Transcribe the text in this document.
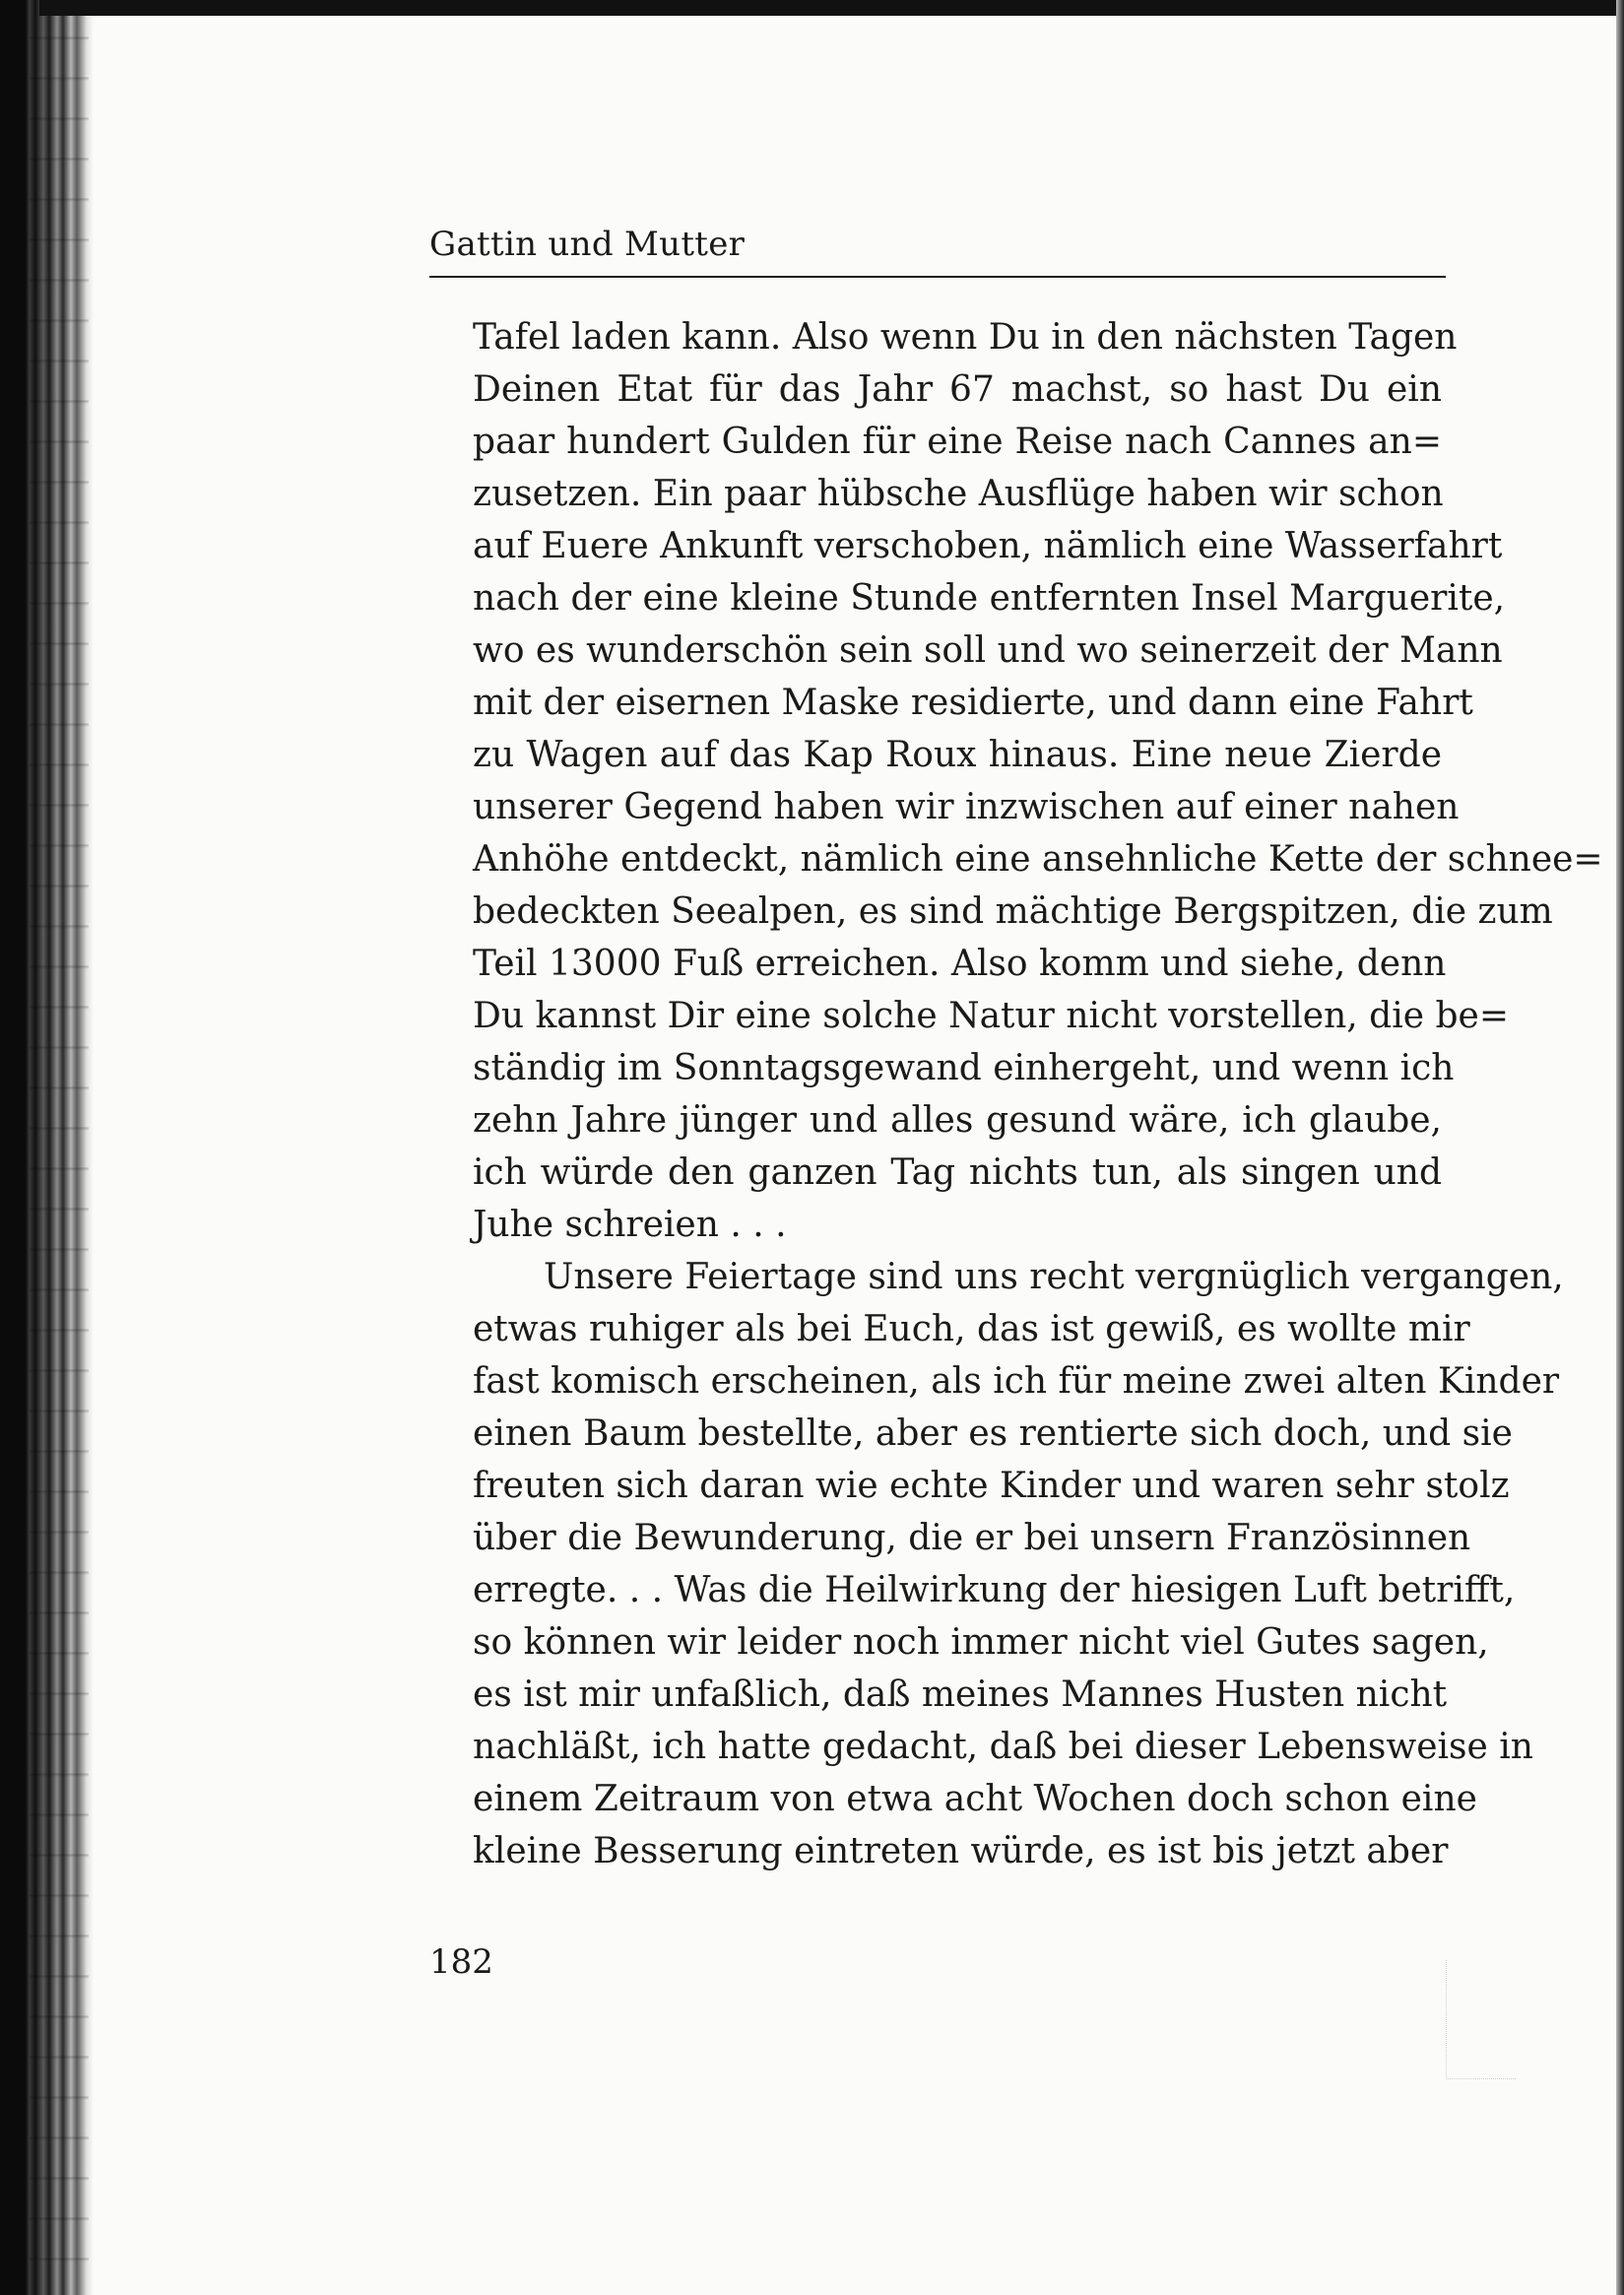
Gattin und Mutter
Tafel laden kann. Also wenn Du in den nächsten Tagen
Deinen Etat für das Jahr 67 machst, so hast Du ein
paar hundert Gulden für eine Reise nach Cannes an=
zusetzen. Ein paar hübsche Ausflüge haben wir schon
auf Euere Ankunft verschoben, nämlich eine Wasserfahrt
nach der eine kleine Stunde entfernten Insel Marguerite,
wo es wunderschön sein soll und wo seinerzeit der Mann
mit der eisernen Maske residierte, und dann eine Fahrt
zu Wagen auf das Kap Roux hinaus. Eine neue Zierde
unserer Gegend haben wir inzwischen auf einer nahen
Anhöhe entdeckt, nämlich eine ansehnliche Kette der schnee=
bedeckten Seealpen, es sind mächtige Bergspitzen, die zum
Teil 13000 Fuß erreichen. Also komm und siehe, denn
Du kannst Dir eine solche Natur nicht vorstellen, die be=
ständig im Sonntagsgewand einhergeht, und wenn ich
zehn Jahre jünger und alles gesund wäre, ich glaube,
ich würde den ganzen Tag nichts tun, als singen und
Juhe schreien . . .
Unsere Feiertage sind uns recht vergnüglich vergangen,
etwas ruhiger als bei Euch, das ist gewiß, es wollte mir
fast komisch erscheinen, als ich für meine zwei alten Kinder
einen Baum bestellte, aber es rentierte sich doch, und sie
freuten sich daran wie echte Kinder und waren sehr stolz
über die Bewunderung, die er bei unsern Französinnen
erregte. . . Was die Heilwirkung der hiesigen Luft betrifft,
so können wir leider noch immer nicht viel Gutes sagen,
es ist mir unfaßlich, daß meines Mannes Husten nicht
nachläßt, ich hatte gedacht, daß bei dieser Lebensweise in
einem Zeitraum von etwa acht Wochen doch schon eine
kleine Besserung eintreten würde, es ist bis jetzt aber
182
